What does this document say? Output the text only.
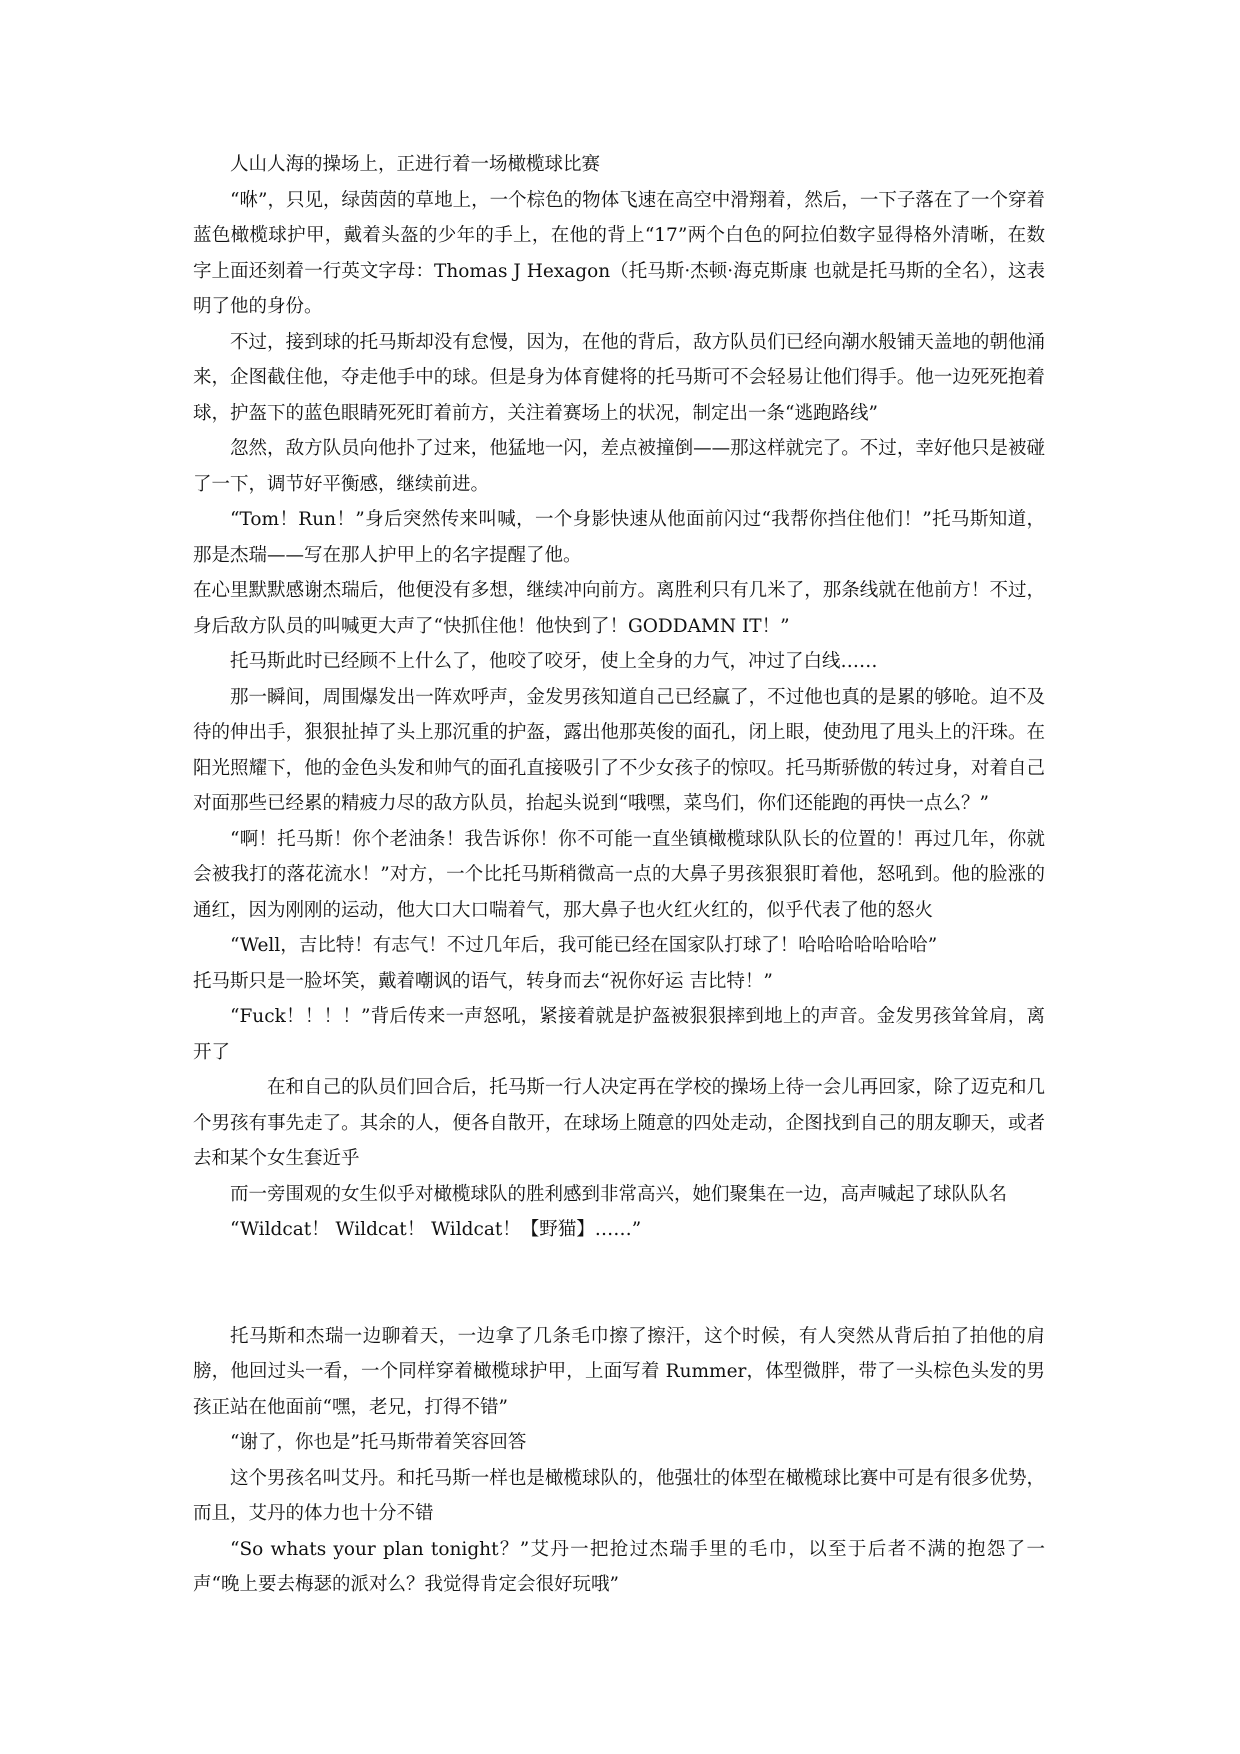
人山人海的操场上，正进行着一场橄榄球比赛

“咻”，只见，绿茵茵的草地上，一个棕色的物体飞速在高空中滑翔着，然后，一下子落在了一个穿着蓝色橄榄球护甲，戴着头盔的少年的手上，在他的背上“17”两个白色的阿拉伯数字显得格外清晰，在数字上面还刻着一行英文字母：Thomas J Hexagon（托马斯·杰顿·海克斯康 也就是托马斯的全名），这表明了他的身份。

不过，接到球的托马斯却没有怠慢，因为，在他的背后，敌方队员们已经向潮水般铺天盖地的朝他涌来，企图截住他，夺走他手中的球。但是身为体育健将的托马斯可不会轻易让他们得手。他一边死死抱着球，护盔下的蓝色眼睛死死盯着前方，关注着赛场上的状况，制定出一条“逃跑路线”

忽然，敌方队员向他扑了过来，他猛地一闪，差点被撞倒——那这样就完了。不过，幸好他只是被碰了一下，调节好平衡感，继续前进。

“Tom！Run！”身后突然传来叫喊，一个身影快速从他面前闪过“我帮你挡住他们！”托马斯知道，那是杰瑞——写在那人护甲上的名字提醒了他。

在心里默默感谢杰瑞后，他便没有多想，继续冲向前方。离胜利只有几米了，那条线就在他前方！不过，身后敌方队员的叫喊更大声了“快抓住他！他快到了！GODDAMN IT！”

托马斯此时已经顾不上什么了，他咬了咬牙，使上全身的力气，冲过了白线……

那一瞬间，周围爆发出一阵欢呼声，金发男孩知道自己已经赢了，不过他也真的是累的够呛。迫不及待的伸出手，狠狠扯掉了头上那沉重的护盔，露出他那英俊的面孔，闭上眼，使劲甩了甩头上的汗珠。在阳光照耀下，他的金色头发和帅气的面孔直接吸引了不少女孩子的惊叹。托马斯骄傲的转过身，对着自己对面那些已经累的精疲力尽的敌方队员，抬起头说到“哦嘿，菜鸟们，你们还能跑的再快一点么？”

“啊！托马斯！你个老油条！我告诉你！你不可能一直坐镇橄榄球队队长的位置的！再过几年，你就会被我打的落花流水！”对方，一个比托马斯稍微高一点的大鼻子男孩狠狠盯着他，怒吼到。他的脸涨的通红，因为刚刚的运动，他大口大口喘着气，那大鼻子也火红火红的，似乎代表了他的怒火

“Well，吉比特！有志气！不过几年后，我可能已经在国家队打球了！哈哈哈哈哈哈哈”

托马斯只是一脸坏笑，戴着嘲讽的语气，转身而去“祝你好运 吉比特！”

“Fuck！！！！”背后传来一声怒吼，紧接着就是护盔被狠狠摔到地上的声音。金发男孩耸耸肩，离开了

在和自己的队员们回合后，托马斯一行人决定再在学校的操场上待一会儿再回家，除了迈克和几个男孩有事先走了。其余的人，便各自散开，在球场上随意的四处走动，企图找到自己的朋友聊天，或者去和某个女生套近乎

而一旁围观的女生似乎对橄榄球队的胜利感到非常高兴，她们聚集在一边，高声喊起了球队队名

“Wildcat！ Wildcat！ Wildcat！【野猫】……”

托马斯和杰瑞一边聊着天，一边拿了几条毛巾擦了擦汗，这个时候，有人突然从背后拍了拍他的肩膀，他回过头一看，一个同样穿着橄榄球护甲，上面写着 Rummer，体型微胖，带了一头棕色头发的男孩正站在他面前“嘿，老兄，打得不错”

“谢了，你也是”托马斯带着笑容回答

这个男孩名叫艾丹。和托马斯一样也是橄榄球队的，他强壮的体型在橄榄球比赛中可是有很多优势，而且，艾丹的体力也十分不错

“So whats your plan tonight？”艾丹一把抢过杰瑞手里的毛巾，以至于后者不满的抱怨了一声“晚上要去梅瑟的派对么？我觉得肯定会很好玩哦”
